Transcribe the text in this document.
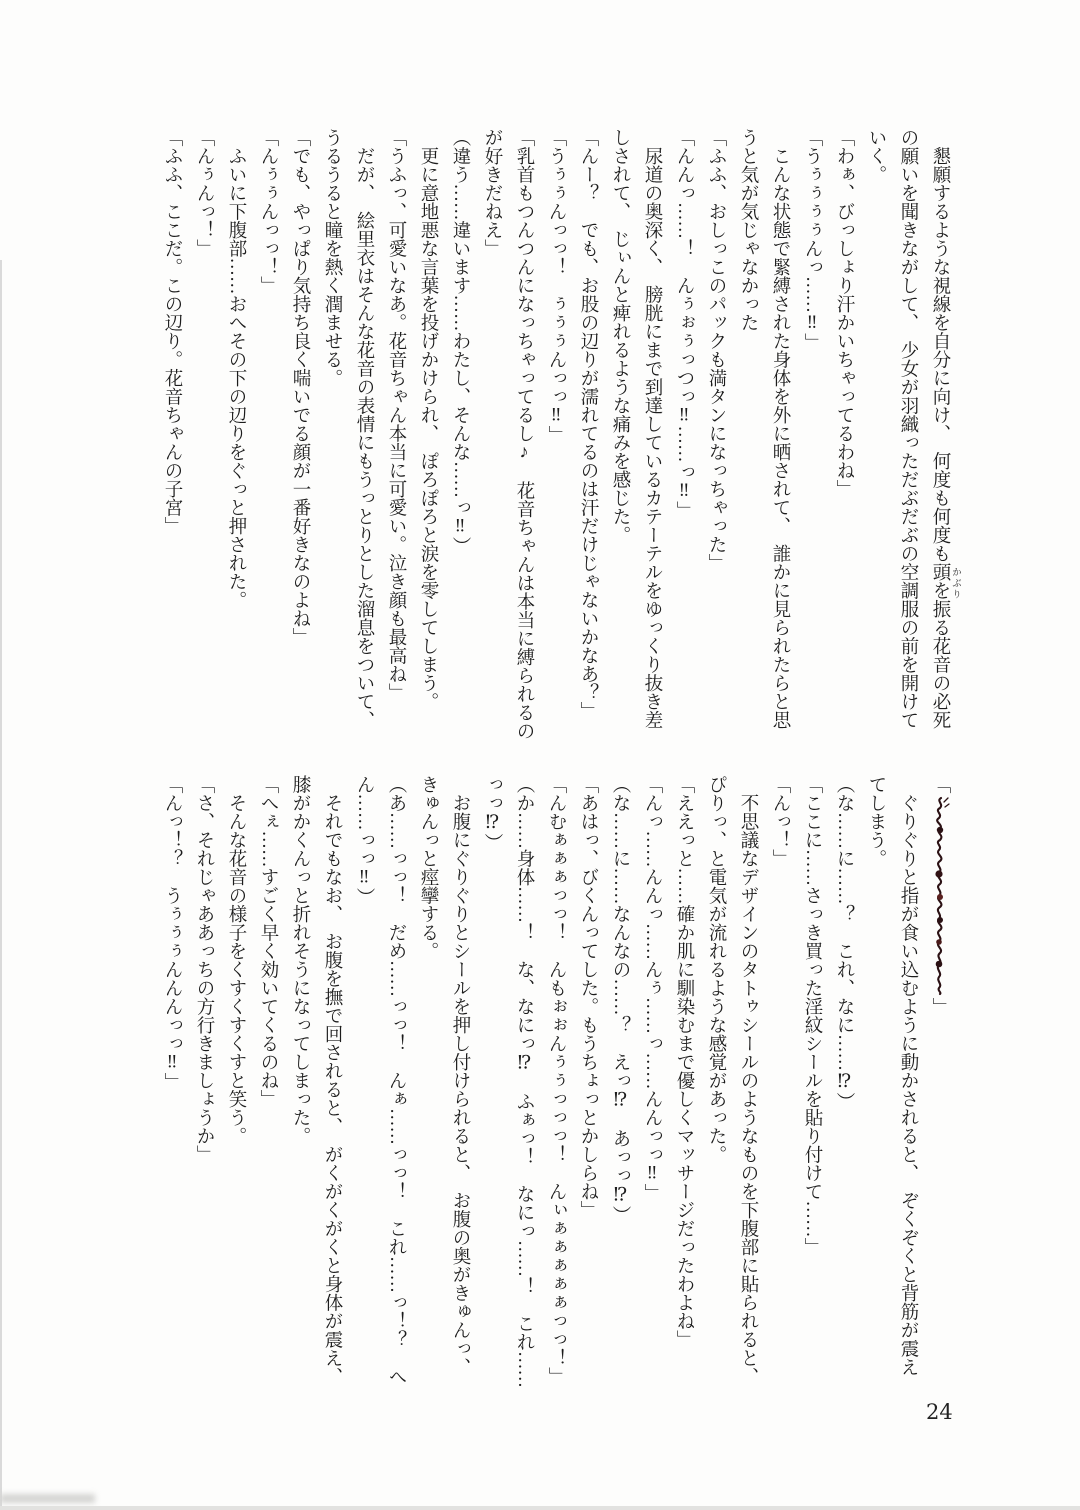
　懇願するような視線を自分に向け、　何度も何度も頭を振る花音の必死

の願いを聞きながして、　少女が羽織っただぶだぶの空調服の前を開けて

いく。

「わぁ、びっしょり汗かいちゃってるわね」

「うぅぅぅぅんっ……‼」

　こんな状態で緊縛された身体を外に晒されて、　誰かに見られたらと思

うと気が気じゃなかった

「ふふ、おしっこのパックも満タンになっちゃった」

「んんっ……！　んぅぉぅっつっ‼……っ‼」

　尿道の奥深く、　膀胱にまで到達しているカテーテルをゆっくり抜き差

しされて、　じぃんと痺れるような痛みを感じた。

「んー？　でも、お股の辺りが濡れてるのは汗だけじゃないかなあ？」

「うぅぅんっっ！　ぅぅぅんっっ‼」

「乳首もつんつんになっちゃってるし♪　花音ちゃんは本当に縛られるの

が好きだねえ」

（違う……違います……わたし、そんな……っ‼）

　更に意地悪な言葉を投げかけられ、　ぽろぽろと涙を零してしまう。

「うふっ、可愛いなあ。花音ちゃん本当に可愛い。泣き顔も最高ね」

　だが、　絵里衣はそんな花音の表情にもうっとりとした溜息をついて、

うるうると瞳を熱く潤ませる。

「でも、やっぱり気持ち良く喘いでる顔が一番好きなのよね」

「んぅぅんっっ！」

　ふいに下腹部……おへその下の辺りをぐっと押された。

「んぅんっ！」

「ふふ、ここだ。この辺り。花音ちゃんの子宮」

「」

　ぐりぐりと指が食い込むように動かされると、　ぞくぞくと背筋が震え

てしまう。

（な……に……？　これ、なに……⁉）

「ここに……さっき買った淫紋シールを貼り付けて……」

「んっ！」

　不思議なデザインのタトゥシールのようなものを下腹部に貼られると、

ぴりっ、と電気が流れるような感覚があった。

「ええっと……確か肌に馴染むまで優しくマッサージだったわよね」

「んっ……んんっ……んぅ……っ……んんっっ‼」

（な……に……なんなの……？　えっ⁉　あっっ⁉）

「あはっ、びくんってした。もうちょっとかしらね」

「んむぁぁぁっっ！　んもぉぉんぅぅっっっ！　んぃぁぁぁぁぁっっ！」

（か……身体……！　な、なにっ⁉　ふぁっ！　なにっ……！　これ……

っっ⁉）

　お腹にぐりぐりとシールを押し付けられると、　お腹の奥がきゅんっ、

きゅんっと痙攣する。

（あ……っっ！　だめ……っっ！　んぁ……っっ！　これ……っ！？　へ

ん……っっ‼）

　それでもなお、　お腹を撫で回されると、　がくがくがくと身体が震え、

膝がかくんっと折れそうになってしまった。

「へぇ……すごく早く効いてくるのね」

　そんな花音の様子をくすくすくすと笑う。

「さ、それじゃああっちの方行きましょうか」

「んっ！？　うぅぅぅんんんっっ‼」

かぶり
24
